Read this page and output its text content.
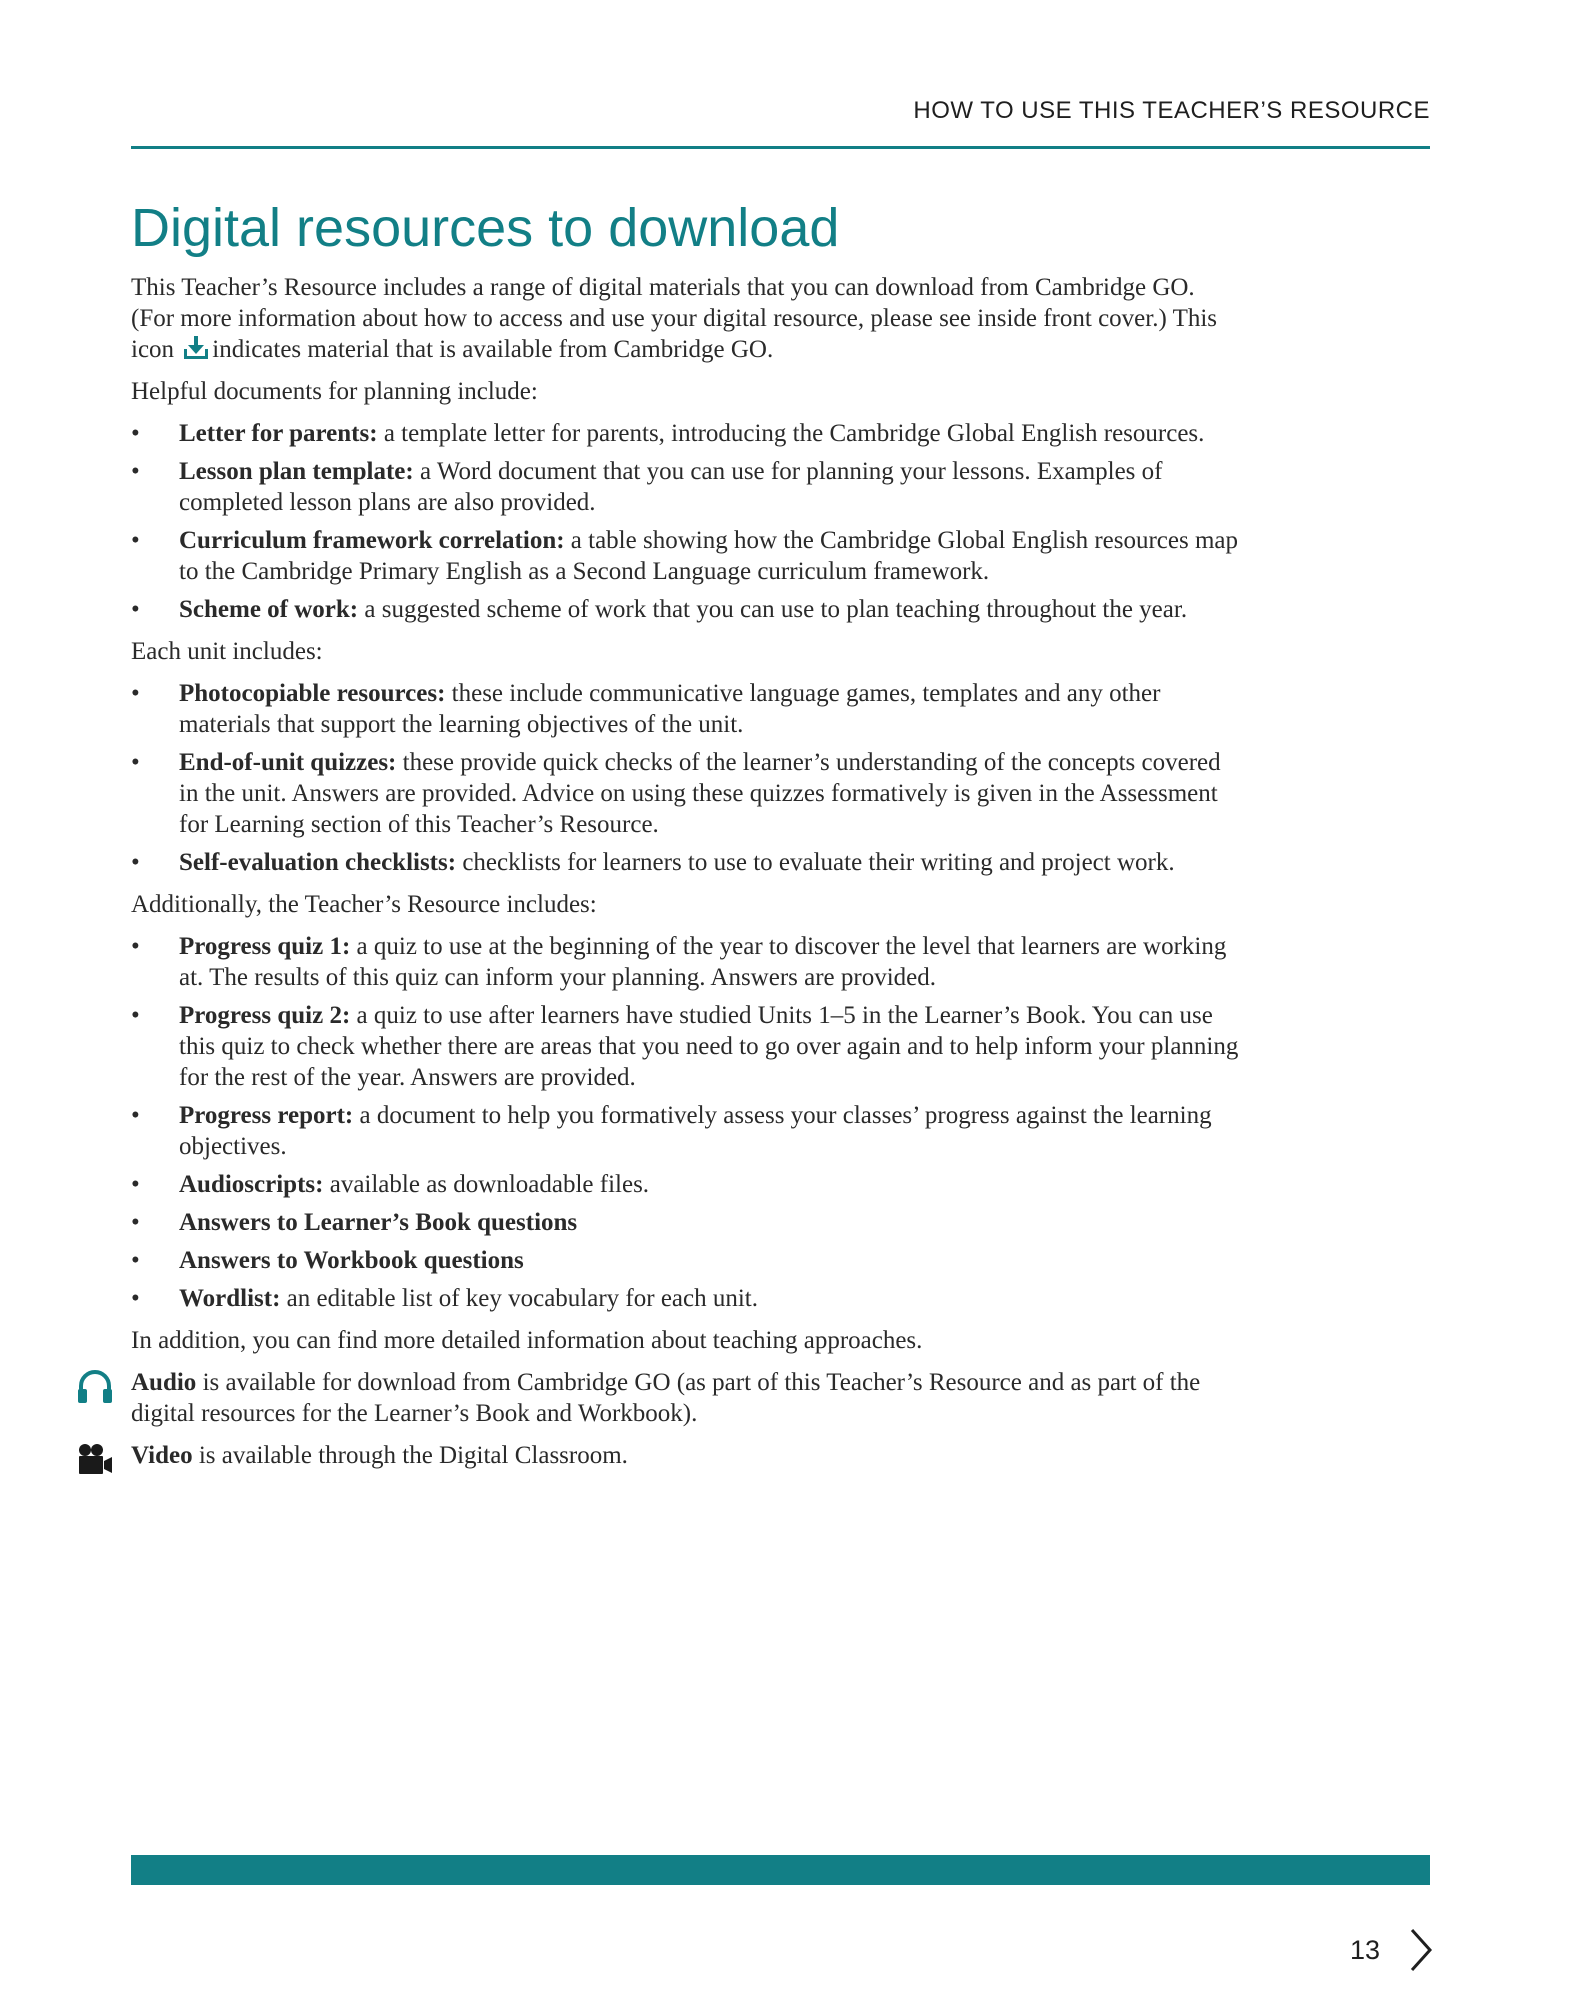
HOW TO USE THIS TEACHER’S RESOURCE
Digital resources to download

This Teacher’s Resource includes a range of digital materials that you can download from Cambridge GO. (For more information about how to access and use your digital resource, please see inside front cover.) This icon indicates material that is available from Cambridge GO.

Helpful documents for planning include:

• Letter for parents: a template letter for parents, introducing the Cambridge Global English resources.
• Lesson plan template: a Word document that you can use for planning your lessons. Examples of completed lesson plans are also provided.
• Curriculum framework correlation: a table showing how the Cambridge Global English resources map to the Cambridge Primary English as a Second Language curriculum framework.
• Scheme of work: a suggested scheme of work that you can use to plan teaching throughout the year.

Each unit includes:

• Photocopiable resources: these include communicative language games, templates and any other materials that support the learning objectives of the unit.
• End-of-unit quizzes: these provide quick checks of the learner’s understanding of the concepts covered in the unit. Answers are provided. Advice on using these quizzes formatively is given in the Assessment for Learning section of this Teacher’s Resource.
• Self-evaluation checklists: checklists for learners to use to evaluate their writing and project work.

Additionally, the Teacher’s Resource includes:

• Progress quiz 1: a quiz to use at the beginning of the year to discover the level that learners are working at. The results of this quiz can inform your planning. Answers are provided.
• Progress quiz 2: a quiz to use after learners have studied Units 1–5 in the Learner’s Book. You can use this quiz to check whether there are areas that you need to go over again and to help inform your planning for the rest of the year. Answers are provided.
• Progress report: a document to help you formatively assess your classes’ progress against the learning objectives.
• Audioscripts: available as downloadable files.
• Answers to Learner’s Book questions
• Answers to Workbook questions
• Wordlist: an editable list of key vocabulary for each unit.

In addition, you can find more detailed information about teaching approaches.

Audio is available for download from Cambridge GO (as part of this Teacher’s Resource and as part of the digital resources for the Learner’s Book and Workbook).
Video is available through the Digital Classroom.
13
